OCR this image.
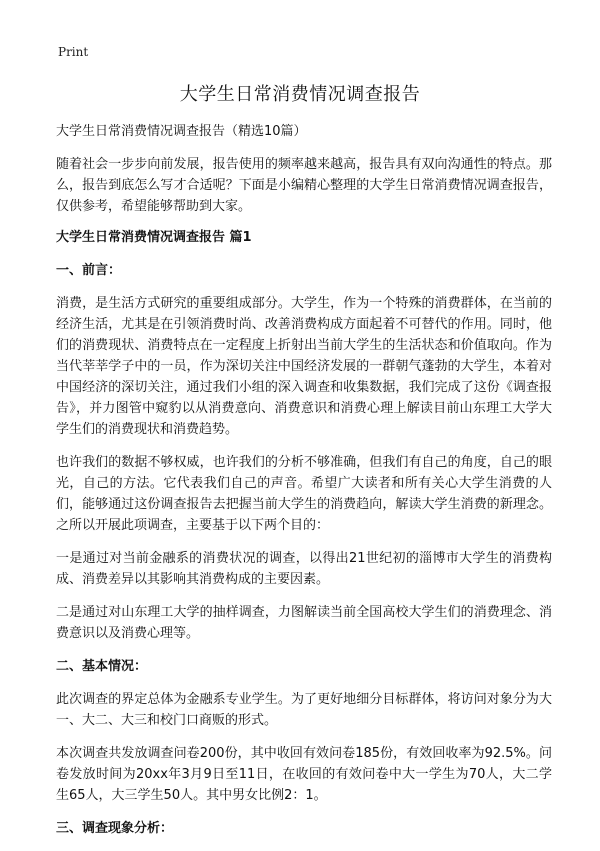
Print
大学生日常消费情况调查报告

大学生日常消费情况调查报告（精选10篇）

随着社会一步步向前发展，报告使用的频率越来越高，报告具有双向沟通性的特点。那么，报告到底怎么写才合适呢？下面是小编精心整理的大学生日常消费情况调查报告，仅供参考，希望能够帮助到大家。

大学生日常消费情况调查报告 篇1
一、前言：

消费，是生活方式研究的重要组成部分。大学生，作为一个特殊的消费群体，在当前的经济生活，尤其是在引领消费时尚、改善消费构成方面起着不可替代的作用。同时，他们的消费现状、消费特点在一定程度上折射出当前大学生的生活状态和价值取向。作为当代莘莘学子中的一员，作为深切关注中国经济发展的一群朝气蓬勃的大学生，本着对中国经济的深切关注，通过我们小组的深入调查和收集数据，我们完成了这份《调查报告》，并力图管中窥豹以从消费意向、消费意识和消费心理上解读目前山东理工大学大学生们的消费现状和消费趋势。

也许我们的数据不够权威，也许我们的分析不够准确，但我们有自己的角度，自己的眼光，自己的方法。它代表我们自己的声音。希望广大读者和所有关心大学生消费的人们，能够通过这份调查报告去把握当前大学生的消费趋向，解读大学生消费的新理念。之所以开展此项调查，主要基于以下两个目的：

一是通过对当前金融系的消费状况的调查，以得出21世纪初的淄博市大学生的消费构成、消费差异以其影响其消费构成的主要因素。

二是通过对山东理工大学的抽样调查，力图解读当前全国高校大学生们的消费理念、消费意识以及消费心理等。

二、基本情况：

此次调查的界定总体为金融系专业学生。为了更好地细分目标群体，将访问对象分为大一、大二、大三和校门口商贩的形式。

本次调查共发放调查问卷200份，其中收回有效问卷185份，有效回收率为92.5%。问卷发放时间为20xx年3月9日至11日，在收回的有效问卷中大一学生为70人，大二学生65人，大三学生50人。其中男女比例2：1。

三、调查现象分析：
